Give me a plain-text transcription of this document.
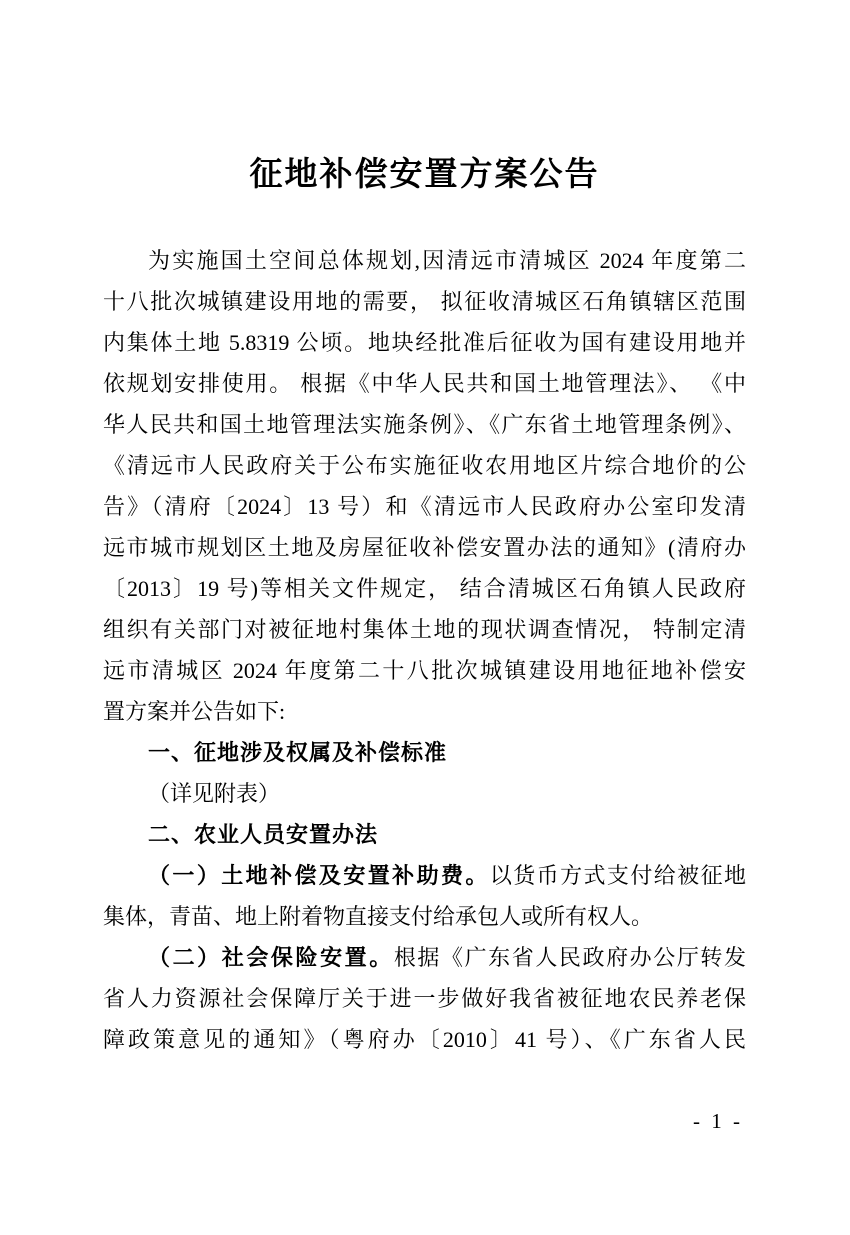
征地补偿安置方案公告
为实施国土空间总体规划,因清远市清城区 2024 年度第二
十八批次城镇建设用地的需要， 拟征收清城区石角镇辖区范围
内集体土地 5.8319 公顷。地块经批准后征收为国有建设用地并
依规划安排使用。 根据《中华人民共和国土地管理法》、 《中
华人民共和国土地管理法实施条例》、《广东省土地管理条例》、
《清远市人民政府关于公布实施征收农用地区片综合地价的公
告》（清府〔2024〕13 号）和《清远市人民政府办公室印发清
远市城市规划区土地及房屋征收补偿安置办法的通知》(清府办
〔2013〕19 号)等相关文件规定， 结合清城区石角镇人民政府
组织有关部门对被征地村集体土地的现状调查情况， 特制定清
远市清城区 2024 年度第二十八批次城镇建设用地征地补偿安
置方案并公告如下:
一、征地涉及权属及补偿标准
（详见附表）
二、农业人员安置办法
（一）土地补偿及安置补助费。以货币方式支付给被征地
集体，青苗、地上附着物直接支付给承包人或所有权人。
（二）社会保险安置。根据《广东省人民政府办公厅转发
省人力资源社会保障厅关于进一步做好我省被征地农民养老保
障政策意见的通知》（粤府办〔2010〕41 号）、《广东省人民
- 1 -
